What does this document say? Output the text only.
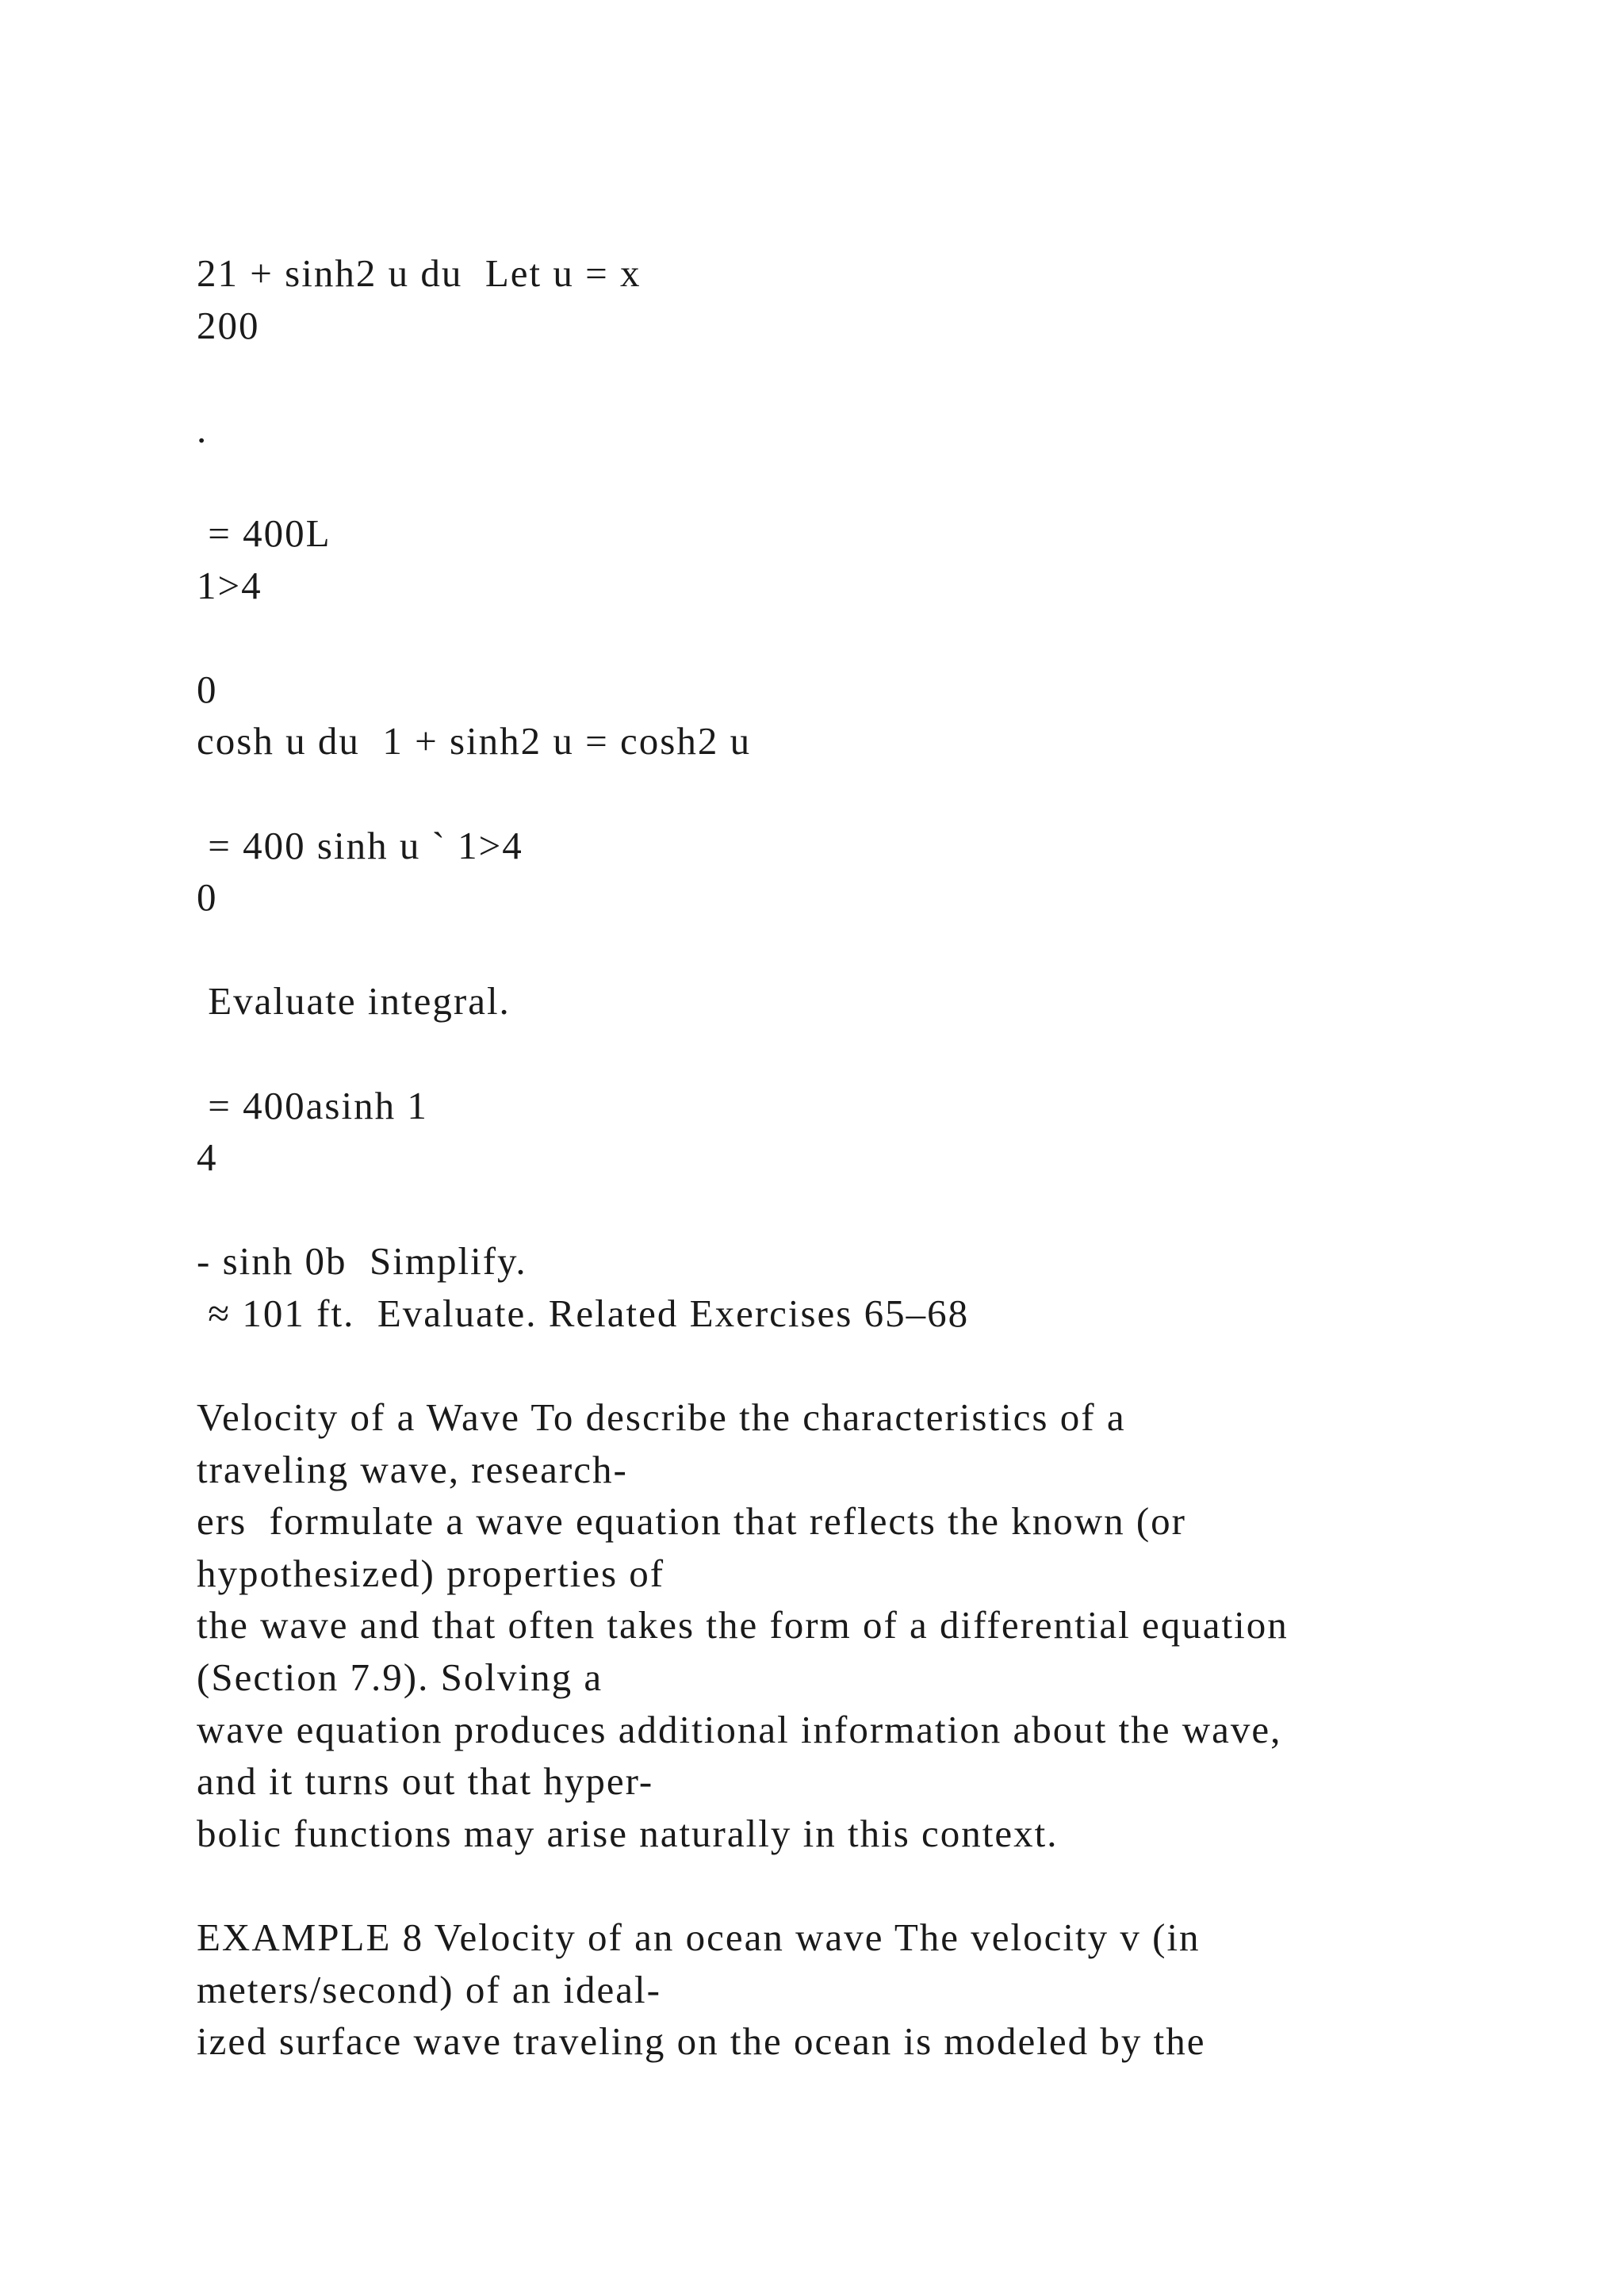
21 + sinh2 u du  Let u = x
200
.
= 400L
1>4
0
cosh u du  1 + sinh2 u = cosh2 u
= 400 sinh u ` 1>4
0
Evaluate integral.
= 400asinh 1
4
- sinh 0b  Simplify.
≈ 101 ft.  Evaluate. Related Exercises 65–68
Velocity of a Wave To describe the characteristics of a
traveling wave, research-
ers  formulate a wave equation that reflects the known (or
hypothesized) properties of
the wave and that often takes the form of a differential equation
(Section 7.9). Solving a
wave equation produces additional information about the wave,
and it turns out that hyper-
bolic functions may arise naturally in this context.
EXAMPLE 8 Velocity of an ocean wave The velocity v (in
meters/second) of an ideal-
ized surface wave traveling on the ocean is modeled by the
